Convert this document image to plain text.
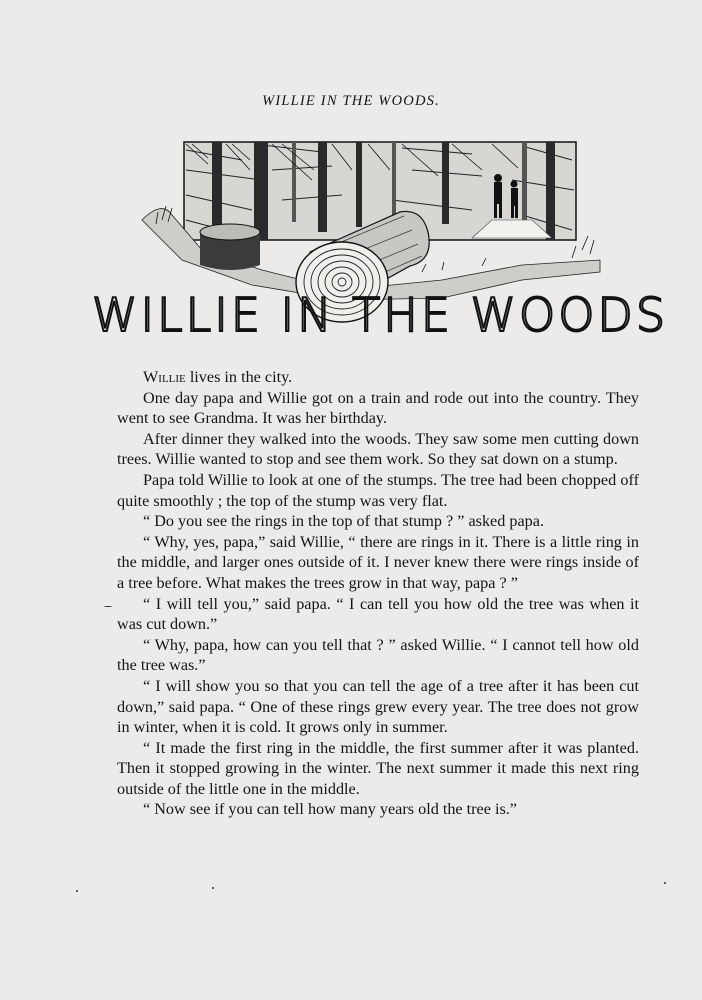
WILLIE IN THE WOODS.
WILLIE IN THE WOODS

Willie lives in the city.

One day papa and Willie got on a train and rode out into the country. They went to see Grandma. It was her birthday.

After dinner they walked into the woods. They saw some men cutting down trees. Willie wanted to stop and see them work. So they sat down on a stump.

Papa told Willie to look at one of the stumps. The tree had been chopped off quite smoothly ; the top of the stump was very flat.

“ Do you see the rings in the top of that stump ? ” asked papa.

“ Why, yes, papa,” said Willie, “ there are rings in it. There is a little ring in the middle, and larger ones outside of it. I never knew there were rings inside of a tree before. What makes the trees grow in that way, papa ? ”

“ I will tell you,” said papa. “ I can tell you how old the tree was when it was cut down.”

“ Why, papa, how can you tell that ? ” asked Willie. “ I cannot tell how old the tree was.”

“ I will show you so that you can tell the age of a tree after it has been cut down,” said papa. “ One of these rings grew every year. The tree does not grow in winter, when it is cold. It grows only in summer.

“ It made the first ring in the middle, the first summer after it was planted. Then it stopped growing in the winter. The next summer it made this next ring outside of the little one in the middle.

“ Now see if you can tell how many years old the tree is.”
